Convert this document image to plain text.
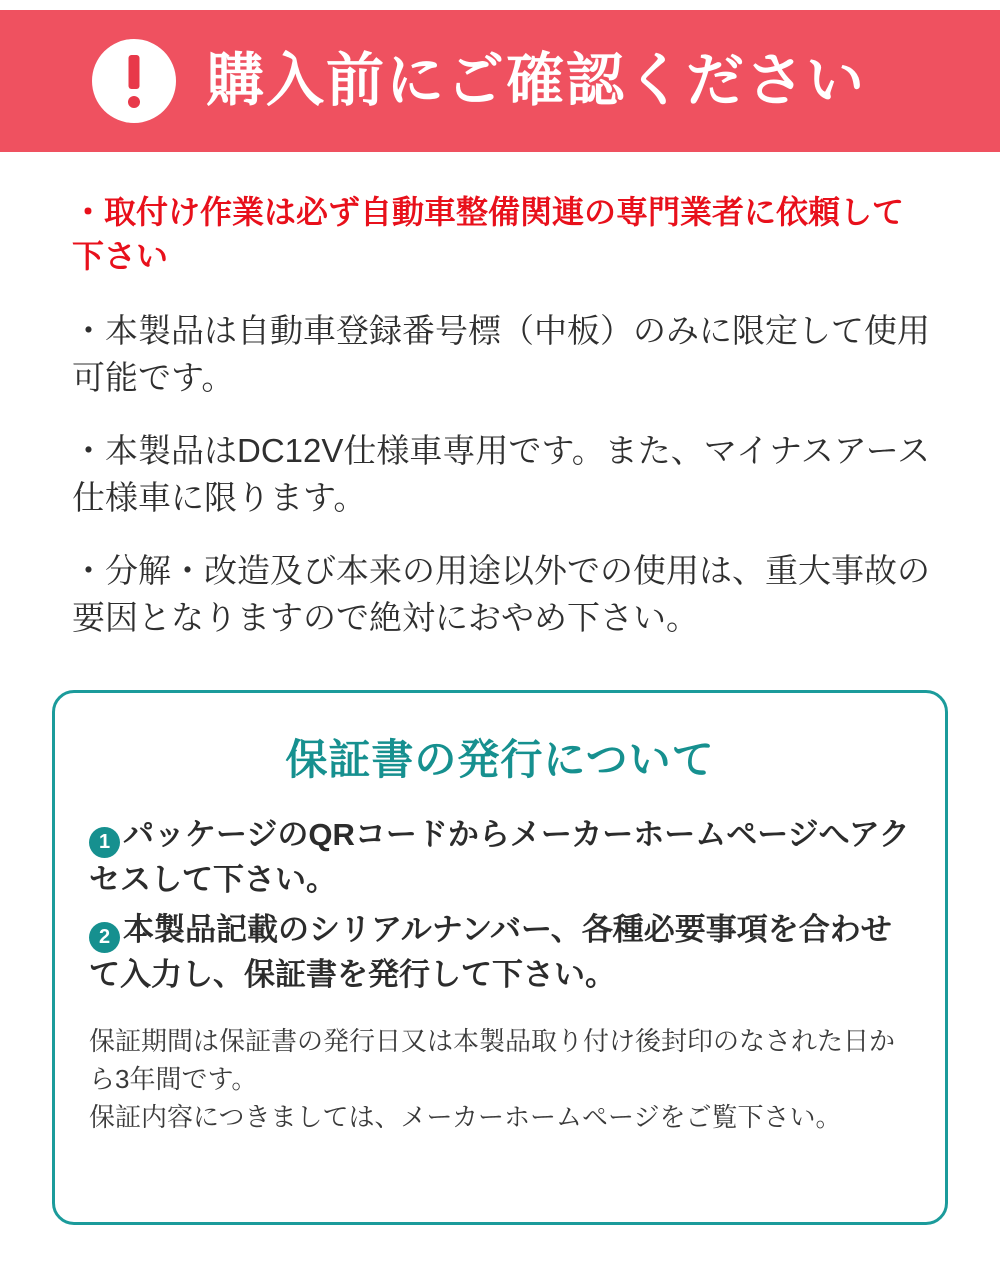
購入前にご確認ください
・取付け作業は必ず自動車整備関連の専門業者に依頼して下さい
・本製品は自動車登録番号標（中板）のみに限定して使用可能です。
・本製品はDC12V仕様車専用です。また、マイナスアース仕様車に限ります。
・分解・改造及び本来の用途以外での使用は、重大事故の要因となりますので絶対におやめ下さい。
保証書の発行について
1 パッケージのQRコードからメーカーホームページへアクセスして下さい。
2 本製品記載のシリアルナンバー、各種必要事項を合わせて入力し、保証書を発行して下さい。

保証期間は保証書の発行日又は本製品取り付け後封印のなされた日から3年間です。

保証内容につきましては、メーカーホームページをご覧下さい。
